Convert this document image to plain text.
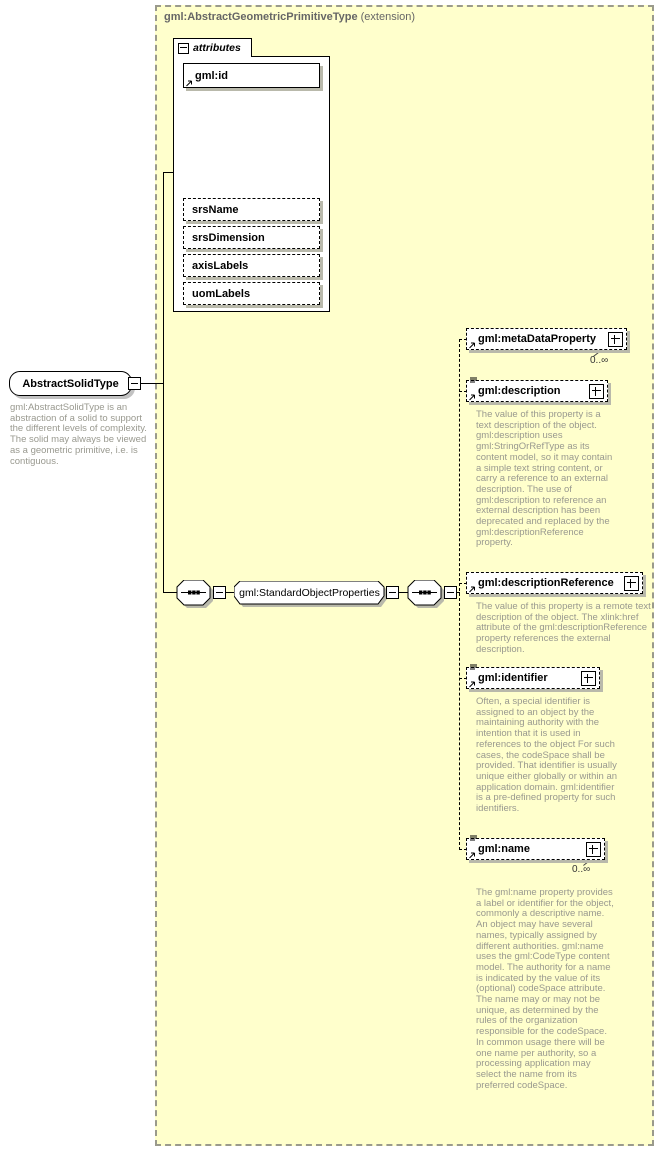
gml:AbstractGeometricPrimitiveType (extension)
AbstractSolidType
gml:AbstractSolidType is an abstraction of a solid to support the different levels of complexity. The solid may always be viewed as a geometric primitive, i.e. is contiguous.
attributes
gml:id
srsName
srsDimension
axisLabels
uomLabels
gml:StandardObjectProperties
gml:metaDataProperty
0..∞
gml:description
The value of this property is a text description of the object. gml:description uses gml:StringOrRefType as its content model, so it may contain a simple text string content, or carry a reference to an external description. The use of gml:description to reference an external description has been deprecated and replaced by the gml:descriptionReference property.
gml:descriptionReference
The value of this property is a remote text description of the object. The xlink:href attribute of the gml:descriptionReference property references the external description.
gml:identifier
Often, a special identifier is assigned to an object by the maintaining authority with the intention that it is used in references to the object For such cases, the codeSpace shall be provided. That identifier is usually unique either globally or within an application domain. gml:identifier is a pre-defined property for such identifiers.
gml:name
0..∞
The gml:name property provides a label or identifier for the object, commonly a descriptive name. An object may have several names, typically assigned by different authorities. gml:name uses the gml:CodeType content model. The authority for a name is indicated by the value of its (optional) codeSpace attribute. The name may or may not be unique, as determined by the rules of the organization responsible for the codeSpace. In common usage there will be one name per authority, so a processing application may select the name from its preferred codeSpace.
